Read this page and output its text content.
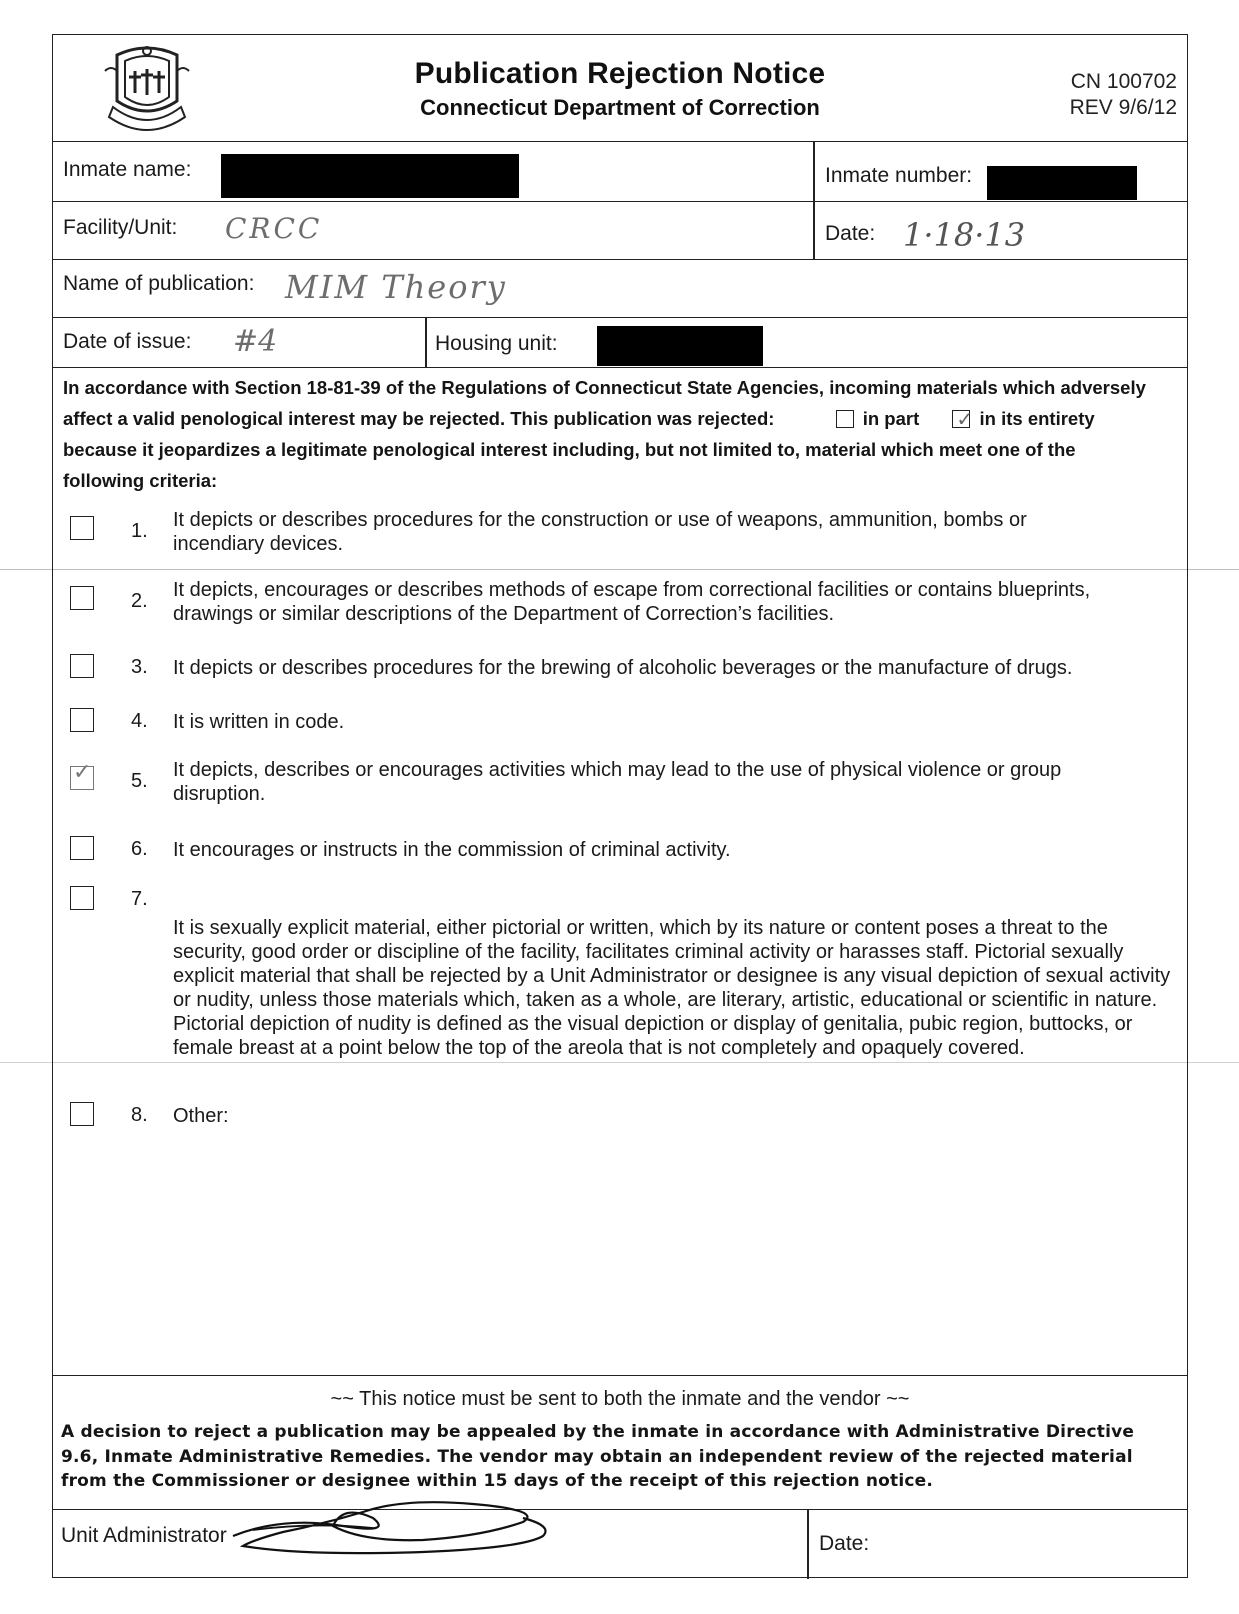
Publication Rejection Notice
Connecticut Department of Correction
CN 100702
REV 9/6/12
Inmate name:	Inmate number:
Facility/Unit: CRCC	Date: 1·18·13
Name of publication: MIM Theory
Date of issue: #4	Housing unit:
In accordance with Section 18-81-39 of the Regulations of Connecticut State Agencies, incoming materials which adversely
affect a valid penological interest may be rejected. This publication was rejected:	in part ✓ in its entirety
because it jeopardizes a legitimate penological interest including, but not limited to, material which meet one of the
following criteria:
1. It depicts or describes procedures for the construction or use of weapons, ammunition, bombs or incendiary devices.
2. It depicts, encourages or describes methods of escape from correctional facilities or contains blueprints, drawings or similar descriptions of the Department of Correction’s facilities.
3. It depicts or describes procedures for the brewing of alcoholic beverages or the manufacture of drugs.
4. It is written in code.
✓ 5. It depicts, describes or encourages activities which may lead to the use of physical violence or group disruption.
6. It encourages or instructs in the commission of criminal activity.
7.
It is sexually explicit material, either pictorial or written, which by its nature or content poses a threat to the security, good order or discipline of the facility, facilitates criminal activity or harasses staff. Pictorial sexually explicit material that shall be rejected by a Unit Administrator or designee is any visual depiction of sexual activity or nudity, unless those materials which, taken as a whole, are literary, artistic, educational or scientific in nature. Pictorial depiction of nudity is defined as the visual depiction or display of genitalia, pubic region, buttocks, or female breast at a point below the top of the areola that is not completely and opaquely covered.
8. Other:
~~ This notice must be sent to both the inmate and the vendor ~~
A decision to reject a publication may be appealed by the inmate in accordance with Administrative Directive 9.6, Inmate Administrative Remedies. The vendor may obtain an independent review of the rejected material from the Commissioner or designee within 15 days of the receipt of this rejection notice.
Unit Administrator	Date:
